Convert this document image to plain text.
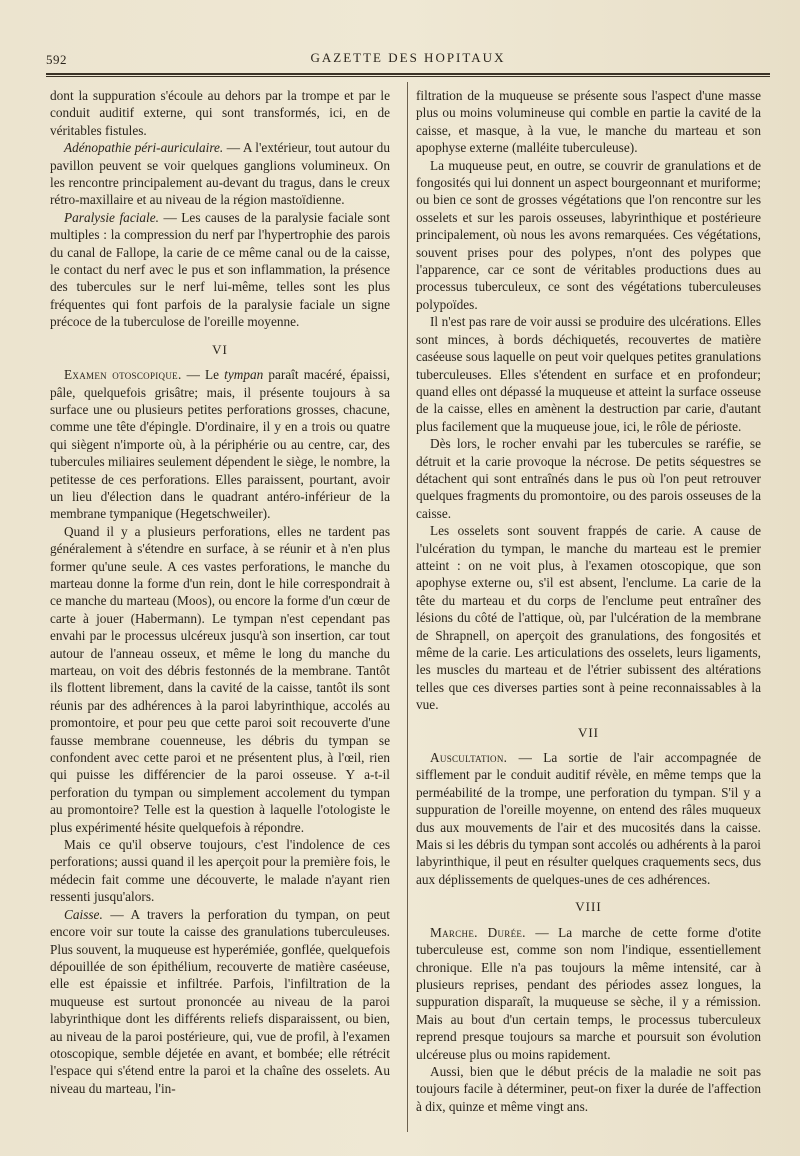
592	GAZETTE DES HOPITAUX

dont la suppuration s'écoule au dehors par la trompe et par le conduit auditif externe, qui sont transformés, ici, en de véritables fistules.

Adénopathie péri-auriculaire. — A l'extérieur, tout autour du pavillon peuvent se voir quelques ganglions volumineux. On les rencontre principalement au-devant du tragus, dans le creux rétro-maxillaire et au niveau de la région mastoïdienne.

Paralysie faciale. — Les causes de la paralysie faciale sont multiples : la compression du nerf par l'hypertrophie des parois du canal de Fallope, la carie de ce même canal ou de la caisse, le contact du nerf avec le pus et son inflammation, la présence des tubercules sur le nerf lui-même, telles sont les plus fréquentes qui font parfois de la paralysie faciale un signe précoce de la tuberculose de l'oreille moyenne.

VI

Examen otoscopique. — Le tympan paraît macéré, épaissi, pâle, quelquefois grisâtre; mais, il présente toujours à sa surface une ou plusieurs petites perforations grosses, chacune, comme une tête d'épingle. D'ordinaire, il y en a trois ou quatre qui siègent n'importe où, à la périphérie ou au centre, car, des tubercules miliaires seulement dépendent le siège, le nombre, la petitesse de ces perforations. Elles paraissent, pourtant, avoir un lieu d'élection dans le quadrant antéro-inférieur de la membrane tympanique (Hegetschweiler).

Quand il y a plusieurs perforations, elles ne tardent pas généralement à s'étendre en surface, à se réunir et à n'en plus former qu'une seule. A ces vastes perforations, le manche du marteau donne la forme d'un rein, dont le hile correspondrait à ce manche du marteau (Moos), ou encore la forme d'un cœur de carte à jouer (Habermann). Le tympan n'est cependant pas envahi par le processus ulcéreux jusqu'à son insertion, car tout autour de l'anneau osseux, et même le long du manche du marteau, on voit des débris festonnés de la membrane. Tantôt ils flottent librement, dans la cavité de la caisse, tantôt ils sont réunis par des adhérences à la paroi labyrinthique, accolés au promontoire, et pour peu que cette paroi soit recouverte d'une fausse membrane couenneuse, les débris du tympan se confondent avec cette paroi et ne présentent plus, à l'œil, rien qui puisse les différencier de la paroi osseuse. Y a-t-il perforation du tympan ou simplement accolement du tympan au promontoire? Telle est la question à laquelle l'otologiste le plus expérimenté hésite quelquefois à répondre.

Mais ce qu'il observe toujours, c'est l'indolence de ces perforations; aussi quand il les aperçoit pour la première fois, le médecin fait comme une découverte, le malade n'ayant rien ressenti jusqu'alors.

Caisse. — A travers la perforation du tympan, on peut encore voir sur toute la caisse des granulations tuberculeuses. Plus souvent, la muqueuse est hyperémiée, gonflée, quelquefois dépouillée de son épithélium, recouverte de matière caséeuse, elle est épaissie et infiltrée. Parfois, l'infiltration de la muqueuse est surtout prononcée au niveau de la paroi labyrinthique dont les différents reliefs disparaissent, ou bien, au niveau de la paroi postérieure, qui, vue de profil, à l'examen otoscopique, semble déjetée en avant, et bombée; elle rétrécit l'espace qui s'étend entre la paroi et la chaîne des osselets. Au niveau du marteau, l'in-

filtration de la muqueuse se présente sous l'aspect d'une masse plus ou moins volumineuse qui comble en partie la cavité de la caisse, et masque, à la vue, le manche du marteau et son apophyse externe (malléite tuberculeuse).

La muqueuse peut, en outre, se couvrir de granulations et de fongosités qui lui donnent un aspect bourgeonnant et muriforme; ou bien ce sont de grosses végétations que l'on rencontre sur les osselets et sur les parois osseuses, labyrinthique et postérieure principalement, où nous les avons remarquées. Ces végétations, souvent prises pour des polypes, n'ont des polypes que l'apparence, car ce sont de véritables productions dues au processus tuberculeux, ce sont des végétations tuberculeuses polypoïdes.

Il n'est pas rare de voir aussi se produire des ulcérations. Elles sont minces, à bords déchiquetés, recouvertes de matière caséeuse sous laquelle on peut voir quelques petites granulations tuberculeuses. Elles s'étendent en surface et en profondeur; quand elles ont dépassé la muqueuse et atteint la surface osseuse de la caisse, elles en amènent la destruction par carie, d'autant plus facilement que la muqueuse joue, ici, le rôle de périoste.

Dès lors, le rocher envahi par les tubercules se raréfie, se détruit et la carie provoque la nécrose. De petits séquestres se détachent qui sont entraînés dans le pus où l'on peut retrouver quelques fragments du promontoire, ou des parois osseuses de la caisse.

Les osselets sont souvent frappés de carie. A cause de l'ulcération du tympan, le manche du marteau est le premier atteint : on ne voit plus, à l'examen otoscopique, que son apophyse externe ou, s'il est absent, l'enclume. La carie de la tête du marteau et du corps de l'enclume peut entraîner des lésions du côté de l'attique, où, par l'ulcération de la membrane de Shrapnell, on aperçoit des granulations, des fongosités et même de la carie. Les articulations des osselets, leurs ligaments, les muscles du marteau et de l'étrier subissent des altérations telles que ces diverses parties sont à peine reconnaissables à la vue.

VII

Auscultation. — La sortie de l'air accompagnée de sifflement par le conduit auditif révèle, en même temps que la perméabilité de la trompe, une perforation du tympan. S'il y a suppuration de l'oreille moyenne, on entend des râles muqueux dus aux mouvements de l'air et des mucosités dans la caisse. Mais si les débris du tympan sont accolés ou adhérents à la paroi labyrinthique, il peut en résulter quelques craquements secs, dus aux déplissements de quelques-unes de ces adhérences.

VIII

Marche. Durée. — La marche de cette forme d'otite tuberculeuse est, comme son nom l'indique, essentiellement chronique. Elle n'a pas toujours la même intensité, car à plusieurs reprises, pendant des périodes assez longues, la suppuration disparaît, la muqueuse se sèche, il y a rémission. Mais au bout d'un certain temps, le processus tuberculeux reprend presque toujours sa marche et poursuit son évolution ulcéreuse plus ou moins rapidement.

Aussi, bien que le début précis de la maladie ne soit pas toujours facile à déterminer, peut-on fixer la durée de l'affection à dix, quinze et même vingt ans.
